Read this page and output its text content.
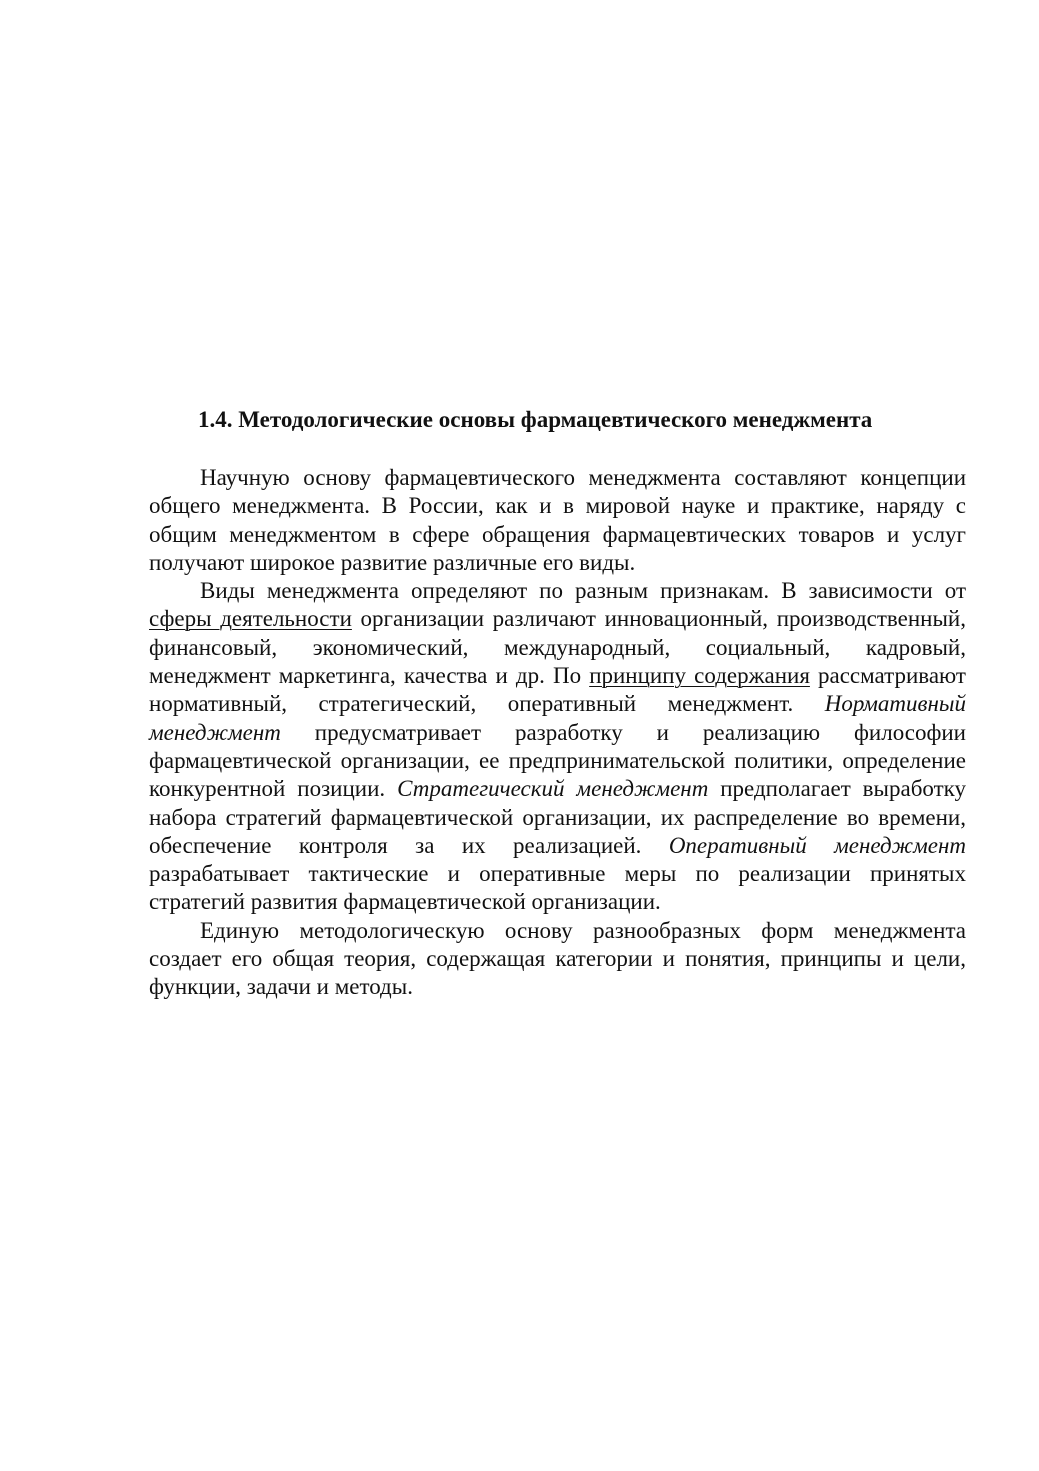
1.4. Методологические основы фармацевтического менеджмента

Научную основу фармацевтического менеджмента составляют концепции общего менеджмента. В России, как и в мировой науке и практике, наряду с общим менеджментом в сфере обращения фармацевтических товаров и услуг получают широкое развитие различные его виды.

Виды менеджмента определяют по разным признакам. В зависимости от сферы деятельности организации различают инновационный, производственный, финансовый, экономический, международный, социальный, кадровый, менеджмент маркетинга, качества и др. По принципу содержания рассматривают нормативный, стратегический, оперативный менеджмент. Нормативный менеджмент предусматривает разработку и реализацию философии фармацевтической организации, ее предпринимательской политики, определение конкурентной позиции. Стратегический менеджмент предполагает выработку набора стратегий фармацевтической организации, их распределение во времени, обеспечение контроля за их реализацией. Оперативный менеджмент разрабатывает тактические и оперативные меры по реализации принятых стратегий развития фармацевтической организации.

Единую методологическую основу разнообразных форм менеджмента создает его общая теория, содержащая категории и понятия, принципы и цели, функции, задачи и методы.
